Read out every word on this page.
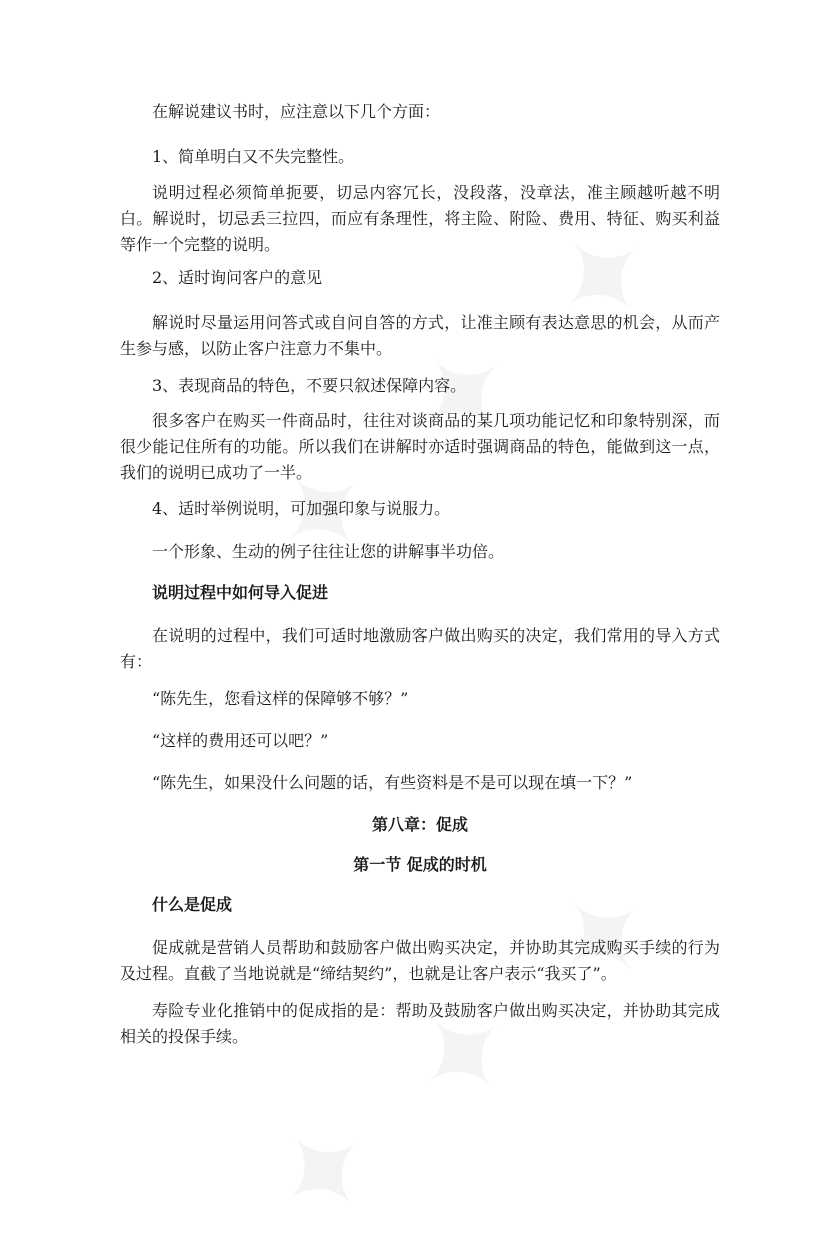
在解说建议书时，应注意以下几个方面：
1、简单明白又不失完整性。
说明过程必须简单扼要，切忌内容冗长，没段落，没章法，准主顾越听越不明白。解说时，切忌丢三拉四，而应有条理性，将主险、附险、费用、特征、购买利益等作一个完整的说明。
2、适时询问客户的意见
解说时尽量运用问答式或自问自答的方式，让准主顾有表达意思的机会，从而产生参与感，以防止客户注意力不集中。
3、表现商品的特色，不要只叙述保障内容。
很多客户在购买一件商品时，往往对谈商品的某几项功能记忆和印象特别深，而很少能记住所有的功能。所以我们在讲解时亦适时强调商品的特色，能做到这一点，我们的说明已成功了一半。
4、适时举例说明，可加强印象与说服力。
一个形象、生动的例子往往让您的讲解事半功倍。
说明过程中如何导入促进
在说明的过程中，我们可适时地激励客户做出购买的决定，我们常用的导入方式有：
“陈先生，您看这样的保障够不够？”
“这样的费用还可以吧？”
“陈先生，如果没什么问题的话，有些资料是不是可以现在填一下？”
第八章：促成
第一节 促成的时机
什么是促成
促成就是营销人员帮助和鼓励客户做出购买决定，并协助其完成购买手续的行为及过程。直截了当地说就是“缔结契约”，也就是让客户表示“我买了”。
寿险专业化推销中的促成指的是：帮助及鼓励客户做出购买决定，并协助其完成相关的投保手续。
